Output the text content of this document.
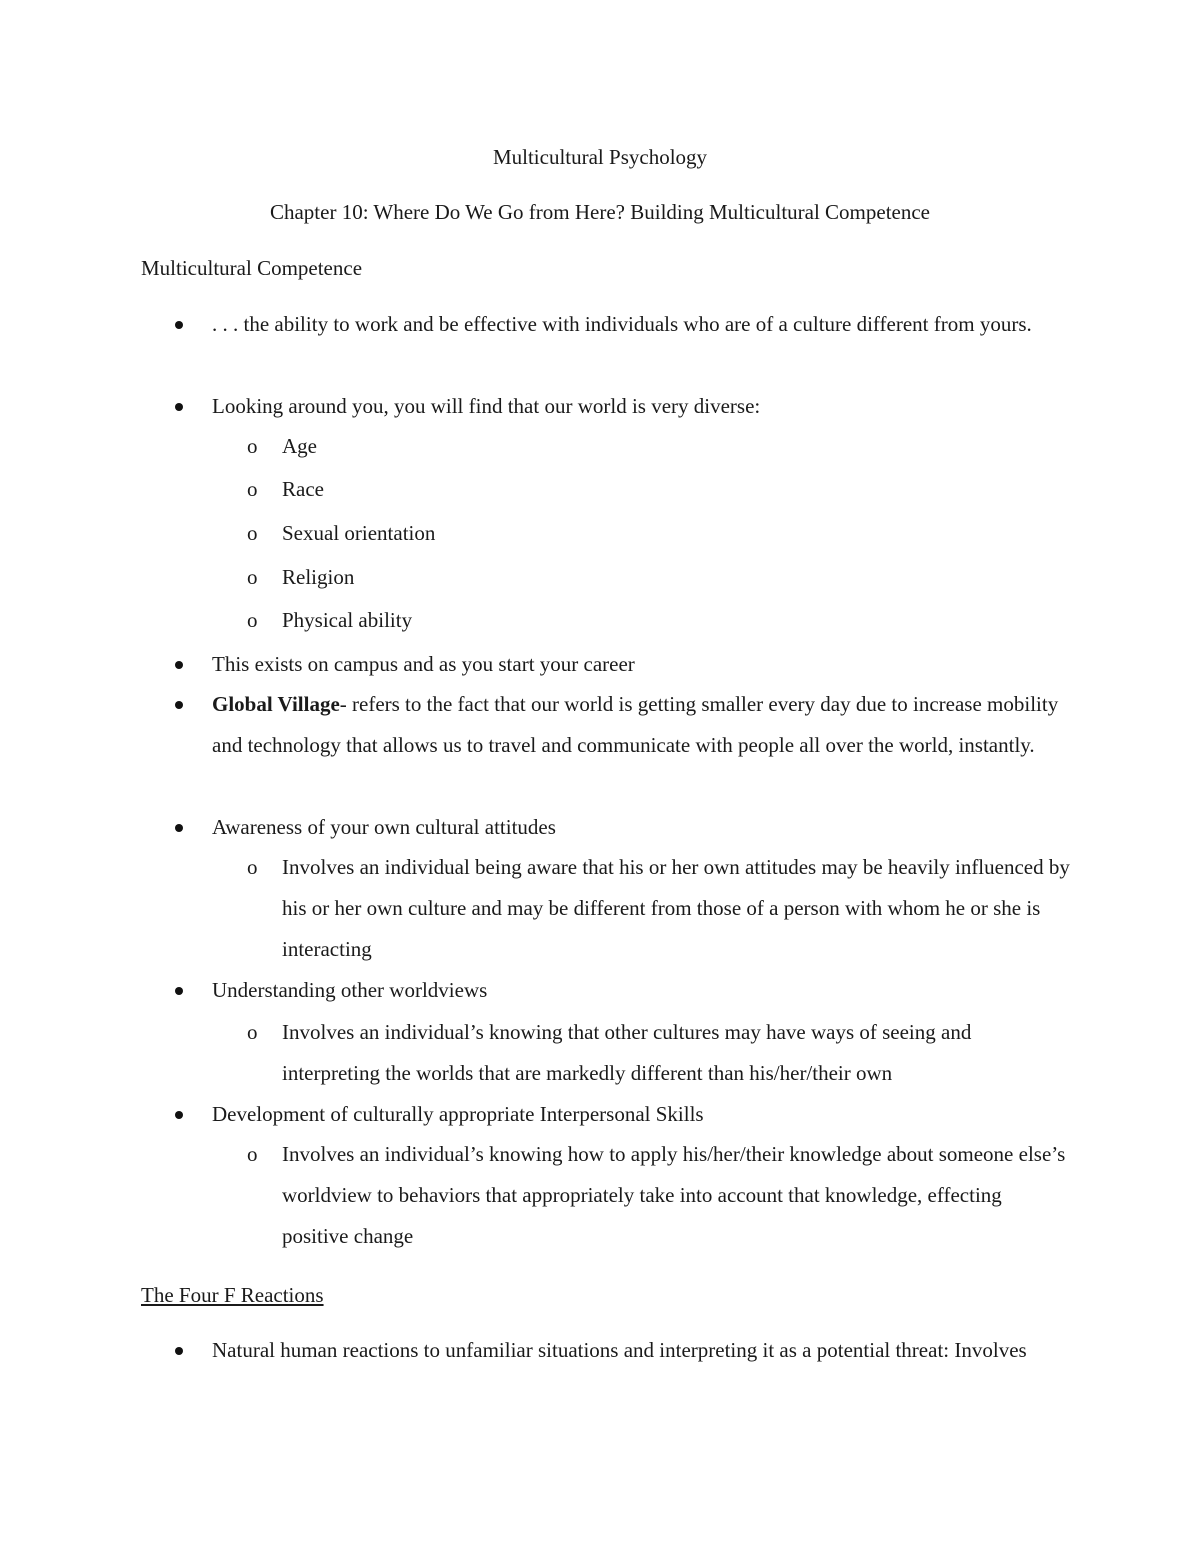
Multicultural Psychology
Chapter 10: Where Do We Go from Here? Building Multicultural Competence
Multicultural Competence
. . . the ability to work and be effective with individuals who are of a culture different from yours.
Looking around you, you will find that our world is very diverse:
o Age
o Race
o Sexual orientation
o Religion
o Physical ability
This exists on campus and as you start your career
Global Village- refers to the fact that our world is getting smaller every day due to increase mobility and technology that allows us to travel and communicate with people all over the world, instantly.
Awareness of your own cultural attitudes
o Involves an individual being aware that his or her own attitudes may be heavily influenced by his or her own culture and may be different from those of a person with whom he or she is interacting
Understanding other worldviews
o Involves an individual’s knowing that other cultures may have ways of seeing and interpreting the worlds that are markedly different than his/her/their own
Development of culturally appropriate Interpersonal Skills
o Involves an individual’s knowing how to apply his/her/their knowledge about someone else’s worldview to behaviors that appropriately take into account that knowledge, effecting positive change
The Four F Reactions
Natural human reactions to unfamiliar situations and interpreting it as a potential threat: Involves
